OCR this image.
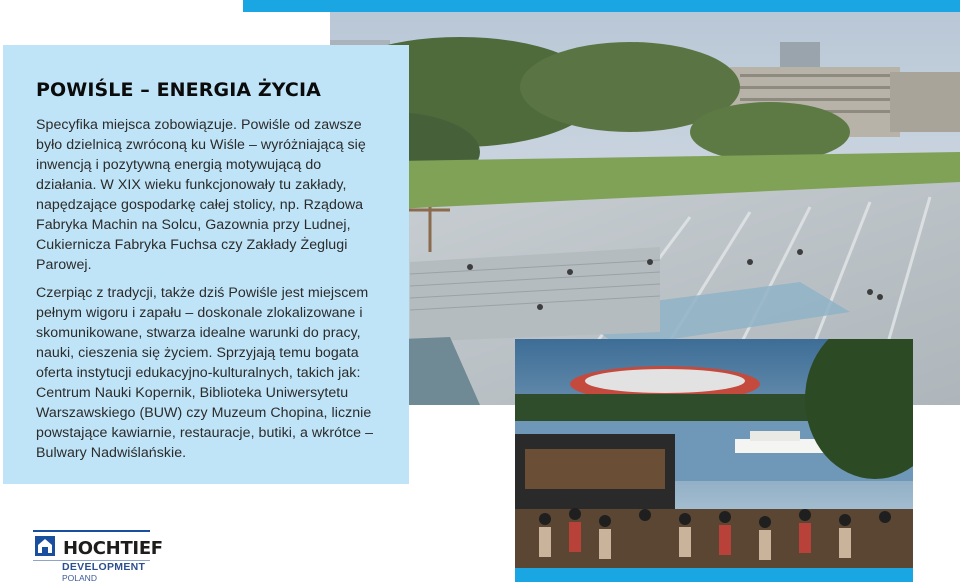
POWIŚLE – ENERGIA ŻYCIA

Specyfika miejsca zobowiązuje. Powiśle od zawsze było dzielnicą zwróconą ku Wiśle – wyróżniającą się inwencją i pozytywną energią motywującą do działania. W XIX wieku funkcjonowały tu zakłady, napędzające gospodarkę całej stolicy, np. Rządowa Fabryka Machin na Solcu, Gazownia przy Ludnej, Cukiernicza Fabryka Fuchsa czy Zakłady Żeglugi Parowej.

Czerpiąc z tradycji, także dziś Powiśle jest miejscem pełnym wigoru i zapału – doskonale zlokalizowane i skomunikowane, stwarza idealne warunki do pracy, nauki, cieszenia się życiem. Sprzyjają temu bogata oferta instytucji edukacyjno-kulturalnych, takich jak: Centrum Nauki Kopernik, Biblioteka Uniwersytetu Warszawskiego (BUW) czy Muzeum Chopina, licznie powstające kawiarnie, restauracje, butiki, a wkrótce – Bulwary Nadwiślańskie.

HOCHTIEF
DEVELOPMENT
POLAND
